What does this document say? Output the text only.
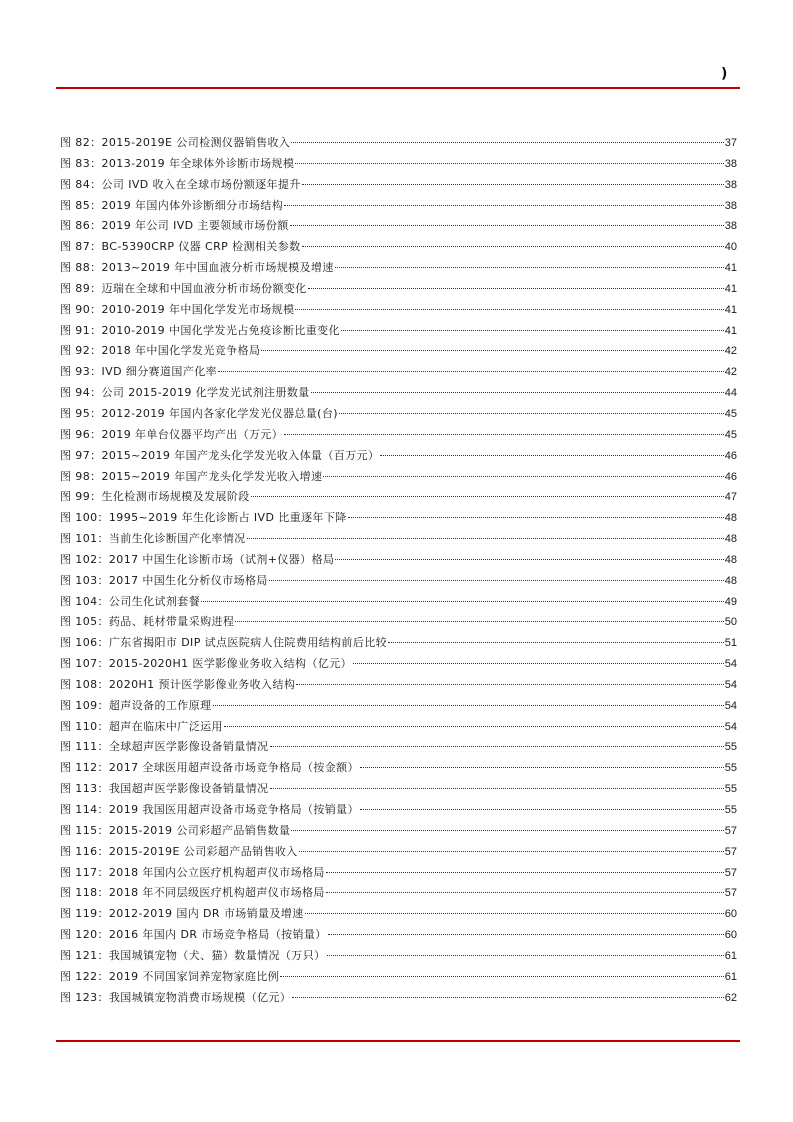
)
图 82：2015-2019E 公司检测仪器销售收入	37
图 83：2013-2019 年全球体外诊断市场规模	38
图 84：公司 IVD 收入在全球市场份额逐年提升	38
图 85：2019 年国内体外诊断细分市场结构	38
图 86：2019 年公司 IVD 主要领域市场份额	38
图 87：BC-5390CRP 仪器 CRP 检测相关参数	40
图 88：2013~2019 年中国血液分析市场规模及增速	41
图 89：迈瑞在全球和中国血液分析市场份额变化	41
图 90：2010-2019 年中国化学发光市场规模	41
图 91：2010-2019 中国化学发光占免疫诊断比重变化	41
图 92：2018 年中国化学发光竞争格局	42
图 93：IVD 细分赛道国产化率	42
图 94：公司 2015-2019 化学发光试剂注册数量	44
图 95：2012-2019 年国内各家化学发光仪器总量(台)	45
图 96：2019 年单台仪器平均产出（万元）	45
图 97：2015~2019 年国产龙头化学发光收入体量（百万元）	46
图 98：2015~2019 年国产龙头化学发光收入增速	46
图 99：生化检测市场规模及发展阶段	47
图 100：1995~2019 年生化诊断占 IVD 比重逐年下降	48
图 101：当前生化诊断国产化率情况	48
图 102：2017 中国生化诊断市场（试剂+仪器）格局	48
图 103：2017 中国生化分析仪市场格局	48
图 104：公司生化试剂套餐	49
图 105：药品、耗材带量采购进程	50
图 106：广东省揭阳市 DIP 试点医院病人住院费用结构前后比较	51
图 107：2015-2020H1 医学影像业务收入结构（亿元）	54
图 108：2020H1 预计医学影像业务收入结构	54
图 109：超声设备的工作原理	54
图 110：超声在临床中广泛运用	54
图 111：全球超声医学影像设备销量情况	55
图 112：2017 全球医用超声设备市场竞争格局（按金额）	55
图 113：我国超声医学影像设备销量情况	55
图 114：2019 我国医用超声设备市场竞争格局（按销量）	55
图 115：2015-2019 公司彩超产品销售数量	57
图 116：2015-2019E 公司彩超产品销售收入	57
图 117：2018 年国内公立医疗机构超声仪市场格局	57
图 118：2018 年不同层级医疗机构超声仪市场格局	57
图 119：2012-2019 国内 DR 市场销量及增速	60
图 120：2016 年国内 DR 市场竞争格局（按销量）	60
图 121：我国城镇宠物（犬、猫）数量情况（万只）	61
图 122：2019 不同国家饲养宠物家庭比例	61
图 123：我国城镇宠物消费市场规模（亿元）	62
